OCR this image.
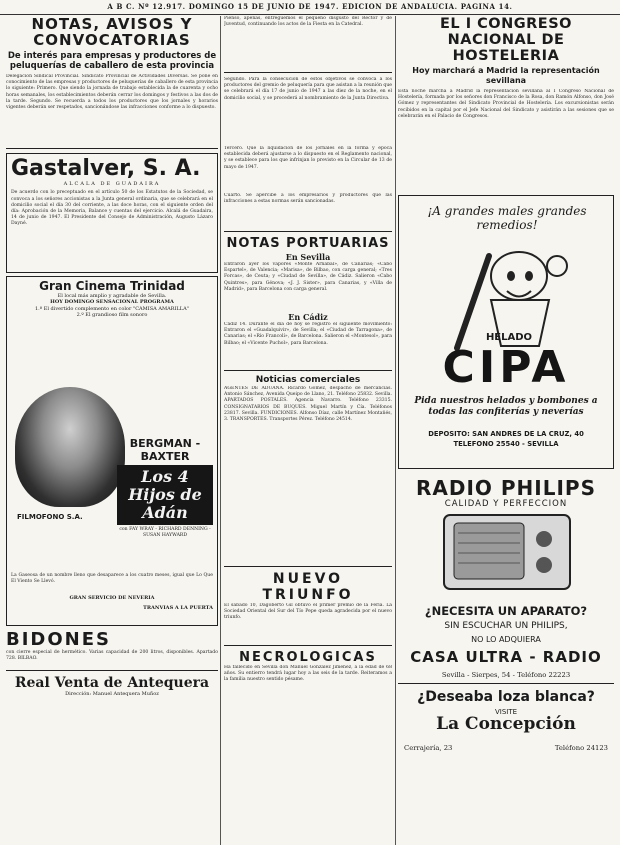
A B C. Nº 12.917. DOMINGO 15 DE JUNIO DE 1947. EDICION DE ANDALUCIA. PAGINA 14.

NOTAS, AVISOS Y CONVOCATORIAS

De interés para empresas y productores de peluquerías de caballero de esta provincia

Delegación Sindical Provincial. Sindicato Provincial de Actividades Diversas. Se pone en conocimiento de las empresas y productores de peluquerías de caballero de esta provincia lo siguiente: Primero. Que siendo la jornada de trabajo establecida la de cuarenta y ocho horas semanales, los establecimientos deberán cerrar los domingos y festivos a las dos de la tarde. Segundo. Se recuerda a todos los productores que los jornales y horarios vigentes deberán ser respetados, sancionándose las infracciones conforme a lo dispuesto.

Gastalver, S. A.

ALCALA DE GUADAIRA

De acuerdo con lo preceptuado en el artículo 50 de los Estatutos de la Sociedad, se convoca a los señores accionistas a la Junta general ordinaria, que se celebrará en el domicilio social el día 30 del corriente, a las doce horas, con el siguiente orden del día: Aprobación de la Memoria, Balance y cuentas del ejercicio. Alcalá de Guadaira, 14 de junio de 1947. El Presidente del Consejo de Administración, Augusto Lázaro Dayné.

Gran Cinema Trinidad

El local más amplio y agradable de Sevilla.

HOY DOMINGO SENSACIONAL PROGRAMA

1.º El divertido complemento en color "CAMISA AMARILLA"

2.º El grandioso film sonoro

FILMOFONO S.A.
BERGMAN - BAXTER
Los 4 Hijos de Adán
con FAY WRAY - RICHARD DENNING - SUSAN HAYWARD

La Gaseosa de un nombre lleno que desaparece a los cuatro meses, igual que Lo Que El Viento Se Llevó.

GRAN SERVICIO DE NEVERIA

TRANVIAS A LA PUERTA

BIDONES

con cierre especial de hermético. Varias capacidad de 200 litros, disponibles. Apartado 728. BILBAO.

Real Venta de Antequera

Dirección: Manuel Antequera Muñoz

Pienso, apenas, entreguemos el pequeño disgusto del Rector y de Juventud, continuando los actos de la Fiesta en la Catedral.

Segundo. Para la consecución de estos objetivos se convoca a los productores del gremio de peluquería para que asistan a la reunión que se celebrará el día 17 de junio de 1947 a las diez de la noche, en el domicilio social, y se procederá al nombramiento de la Junta Directiva.

Tercero. Que la liquidación de los jornales en la forma y época establecida deberá ajustarse a lo dispuesto en el Reglamento nacional, y se establece para los que infrinjan lo previsto en la Circular de 13 de mayo de 1947.

Cuarto. Se apercibe a los empresarios y productores que las infracciones a estas normas serán sancionadas.

NOTAS PORTUARIAS

En Sevilla

Entraron ayer los vapores «Monte Arnabal», de Canarias; «Cabo Espartel», de Valencia; «Marisa», de Bilbao, con carga general; «Tres Forcas», de Ceuta; y «Ciudad de Sevilla», de Cádiz. Salieron «Cabo Quintres», para Génova; «J. J. Sister», para Canarias, y «Villa de Madrid», para Barcelona con carga general.

En Cádiz

Cádiz 14. Durante el día de hoy se registró el siguiente movimiento: Entraron el «Guadalquivir», de Sevilla; el «Ciudad de Tarragona», de Canarias; el «Río Francolí», de Barcelona. Salieron el «Montesol», para Bilbao; el «Vicente Puchol», para Barcelona.

Noticias comerciales

AGENTES DE ADUANA. Ricardo Gómez, despacho de mercancías. Antonio Sánchez, Avenida Queipo de Llano, 21. Teléfono 25832. Sevilla. APARTADOS POSTALES. Agencia Navarro. Teléfono 23315. CONSIGNATARIOS DE BUQUES. Miguel Martín y Cía. Teléfonos 23817. Sevilla. FUNDICIONES. Alfonso Díaz, calle Martínez Montañés, 3. TRANSPORTES. Transportes Pérez. Teléfono 24514.

NUEVO TRIUNFO

El sábado 10, Dagoberto Gil obtuvo el primer premio de la Feria. La Sociedad Oriental del Sur del Tío Pepe queda agradecida por el nuevo triunfo.

NECROLOGICAS

Ha fallecido en Sevilla don Manuel González Jiménez, a la edad de 68 años. Su entierro tendrá lugar hoy a las seis de la tarde. Reiteramos a la familia nuestro sentido pésame.

EL I CONGRESO NACIONAL DE HOSTELERIA

Hoy marchará a Madrid la representación sevillana

Esta noche marcha a Madrid la representación sevillana al I Congreso Nacional de Hostelería, formada por los señores don Francisco de la Rosa, don Ramón Alfonso, don José Gómez y representantes del Sindicato Provincial de Hostelería. Los excursionistas serán recibidos en la capital por el Jefe Nacional del Sindicato y asistirán a las sesiones que se celebrarán en el Palacio de Congresos.

¡A grandes males grandes remedios!
HELADO
CIPA
Pida nuestros helados y bombones a todas las confiterías y neverías
DEPOSITO: SAN ANDRES DE LA CRUZ, 40
TELEFONO 25540 - SEVILLA
RADIO PHILIPS
CALIDAD Y PERFECCION
¿NECESITA UN APARATO?
SIN ESCUCHAR UN PHILIPS,
NO LO ADQUIERA
CASA ULTRA - RADIO
Sevilla - Sierpes, 54 - Teléfono 22223
¿Deseaba loza blanca?
VISITE
La Concepción
Cerrajería, 23	Teléfono 24123
